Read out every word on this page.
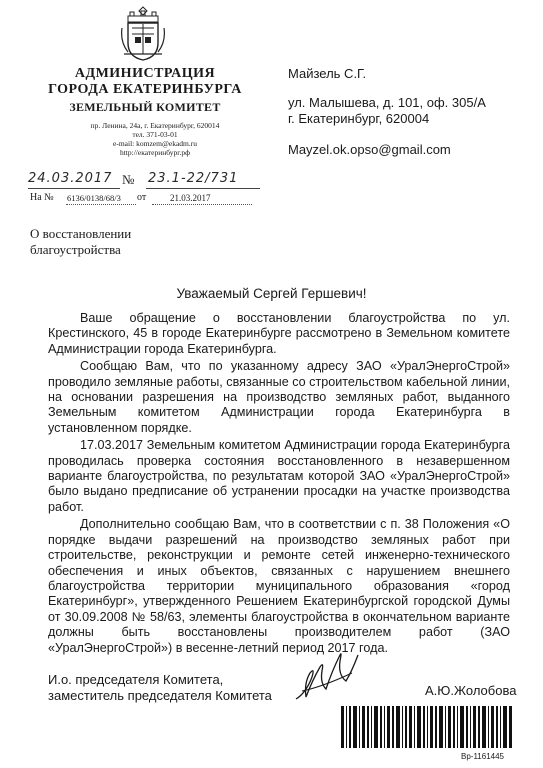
АДМИНИСТРАЦИЯ
ГОРОДА ЕКАТЕРИНБУРГА
ЗЕМЕЛЬНЫЙ КОМИТЕТ
пр. Ленина, 24а, г. Екатеринбург, 620014
тел. 371-03-01
e-mail: komzem@ekadm.ru
http://екатеринбург.рф
24.03.2017 № 23.1-22/731
На № 6136/0138/68/3 от	21.03.2017
О восстановлении
благоустройства
Майзель С.Г.
ул. Малышева, д. 101, оф. 305/А
г. Екатеринбург, 620004
Mayzel.ok.opso@gmail.com
Уважаемый Сергей Гершевич!

Ваше обращение о восстановлении благоустройства по ул. Крестинского, 45 в городе Екатеринбурге рассмотрено в Земельном комитете Администрации города Екатеринбурга.

Сообщаю Вам, что по указанному адресу ЗАО «УралЭнергоСтрой» проводило земляные работы, связанные со строительством кабельной линии, на основании разрешения на производство земляных работ, выданного Земельным комитетом Администрации города Екатеринбурга в установленном порядке.

17.03.2017 Земельным комитетом Администрации города Екатеринбурга проводилась проверка состояния восстановленного в незавершенном варианте благоустройства, по результатам которой ЗАО «УралЭнергоСтрой» было выдано предписание об устранении просадки на участке производства работ.

Дополнительно сообщаю Вам, что в соответствии с п. 38 Положения «О порядке выдачи разрешений на производство земляных работ при строительстве, реконструкции и ремонте сетей инженерно-технического обеспечения и иных объектов, связанных с нарушением внешнего благоустройства территории муниципального образования «город Екатеринбург», утвержденного Решением Екатеринбургской городской Думы от 30.09.2008 № 58/63, элементы благоустройства в окончательном варианте должны быть восстановлены производителем работ (ЗАО «УралЭнергоСтрой») в весенне-летний период 2017 года.

И.о. председателя Комитета,
заместитель председателя Комитета	А.Ю.Жолобова
Вр-1161445
